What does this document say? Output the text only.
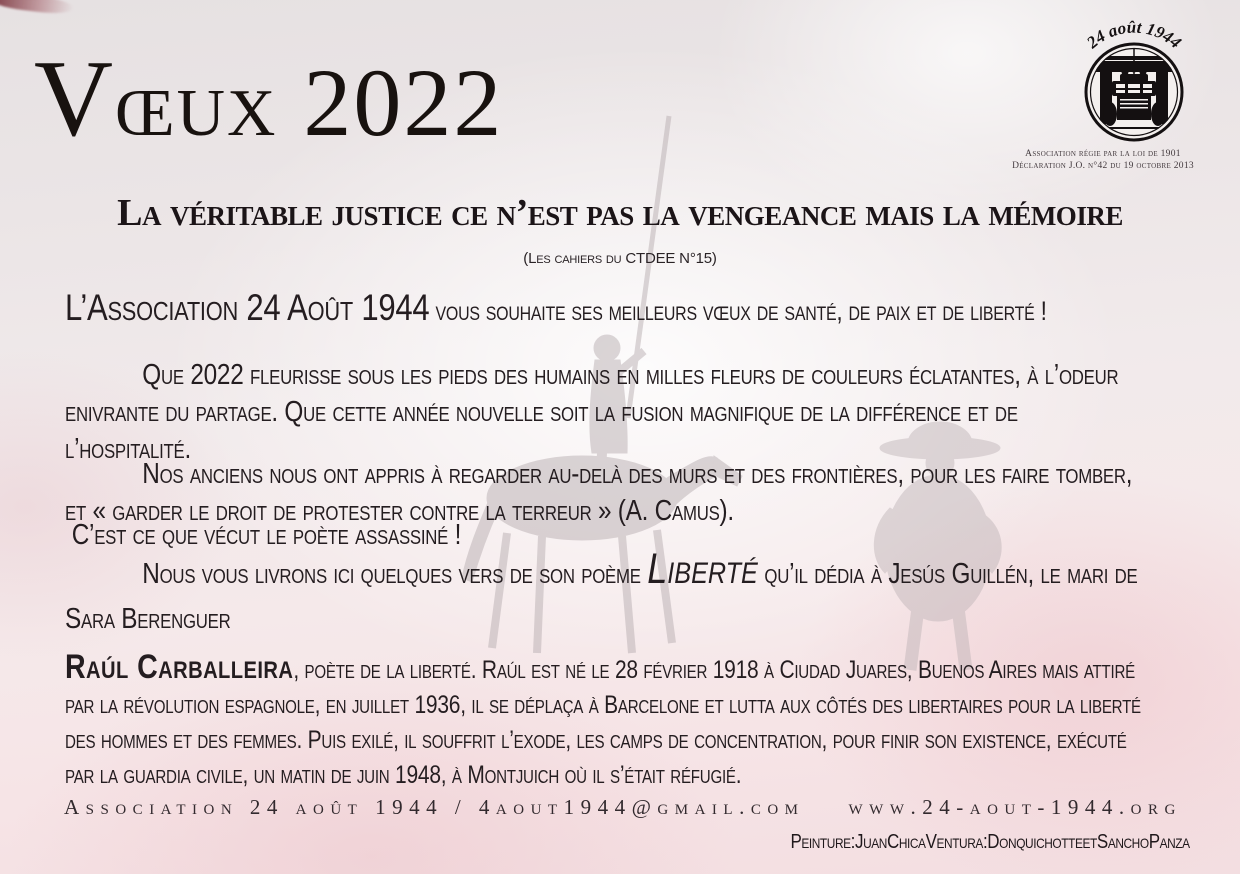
Vœux 2022
24 août 1944
Association régie par la loi de 1901
Déclaration J.O. n°42 du 19 octobre 2013
La véritable justice ce n’est pas la vengeance mais la mémoire
(Les cahiers du CTDEE N°15)

L’Association 24 Août 1944 vous souhaite ses meilleurs vœux de santé, de paix et de liberté !

Que 2022 fleurisse sous les pieds des humains en milles fleurs de couleurs éclatantes, à l’odeur enivrante du partage. Que cette année nouvelle soit la fusion magnifique de la différence et de l’hospitalité.

Nos anciens nous ont appris à regarder au-delà des murs et des frontières, pour les faire tomber, et « garder le droit de protester contre la terreur » (A. Camus).

C’est ce que vécut le poète assassiné !

Nous vous livrons ici quelques vers de son poème Liberté qu’il dédia à Jesús Guillén, le mari de Sara Berenguer

Raúl Carballeira, poète de la liberté. Raúl est né le 28 février 1918 à Ciudad Juares, Buenos Aires mais attiré par la révolution espagnole, en juillet 1936, il se déplaça à Barcelone et lutta aux côtés des libertaires pour la liberté des hommes et des femmes. Puis exilé, il souffrit l’exode, les camps de concentration, pour finir son existence, exécuté par la guardia civile, un matin de juin 1948, à Montjuich où il s’était réfugié.

Association 24 août 1944 / 4aout1944@gmail.com www.24-aout-1944.org
Peinture : Juan Chica Ventura : Don quichotte et Sancho Panza
